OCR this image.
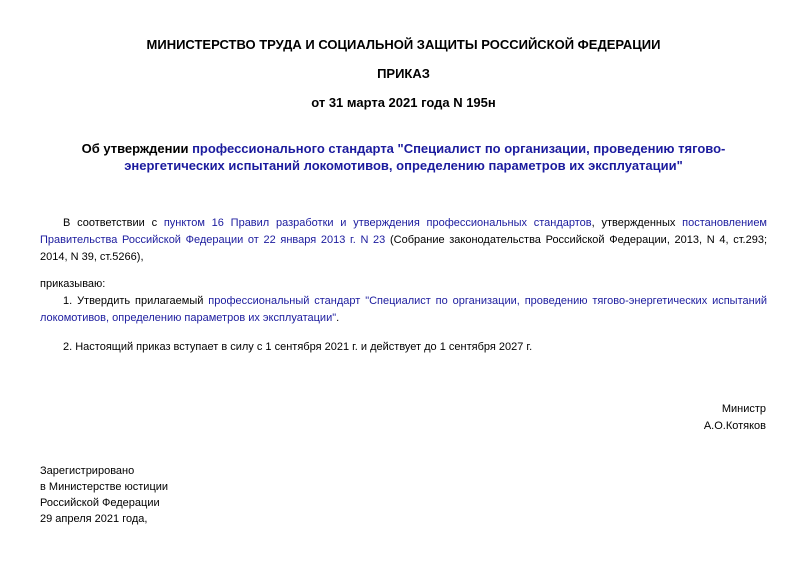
МИНИСТЕРСТВО ТРУДА И СОЦИАЛЬНОЙ ЗАЩИТЫ РОССИЙСКОЙ ФЕДЕРАЦИИ
ПРИКАЗ
от 31 марта 2021 года N 195н
Об утверждении профессионального стандарта "Специалист по организации, проведению тягово-энергетических испытаний локомотивов, определению параметров их эксплуатации"
В соответствии с пунктом 16 Правил разработки и утверждения профессиональных стандартов, утвержденных постановлением Правительства Российской Федерации от 22 января 2013 г. N 23 (Собрание законодательства Российской Федерации, 2013, N 4, ст.293; 2014, N 39, ст.5266),
приказываю:
1. Утвердить прилагаемый профессиональный стандарт "Специалист по организации, проведению тягово-энергетических испытаний локомотивов, определению параметров их эксплуатации".
2. Настоящий приказ вступает в силу с 1 сентября 2021 г. и действует до 1 сентября 2027 г.
Министр
А.О.Котяков
Зарегистрировано
в Министерстве юстиции
Российской Федерации
29 апреля 2021 года,
